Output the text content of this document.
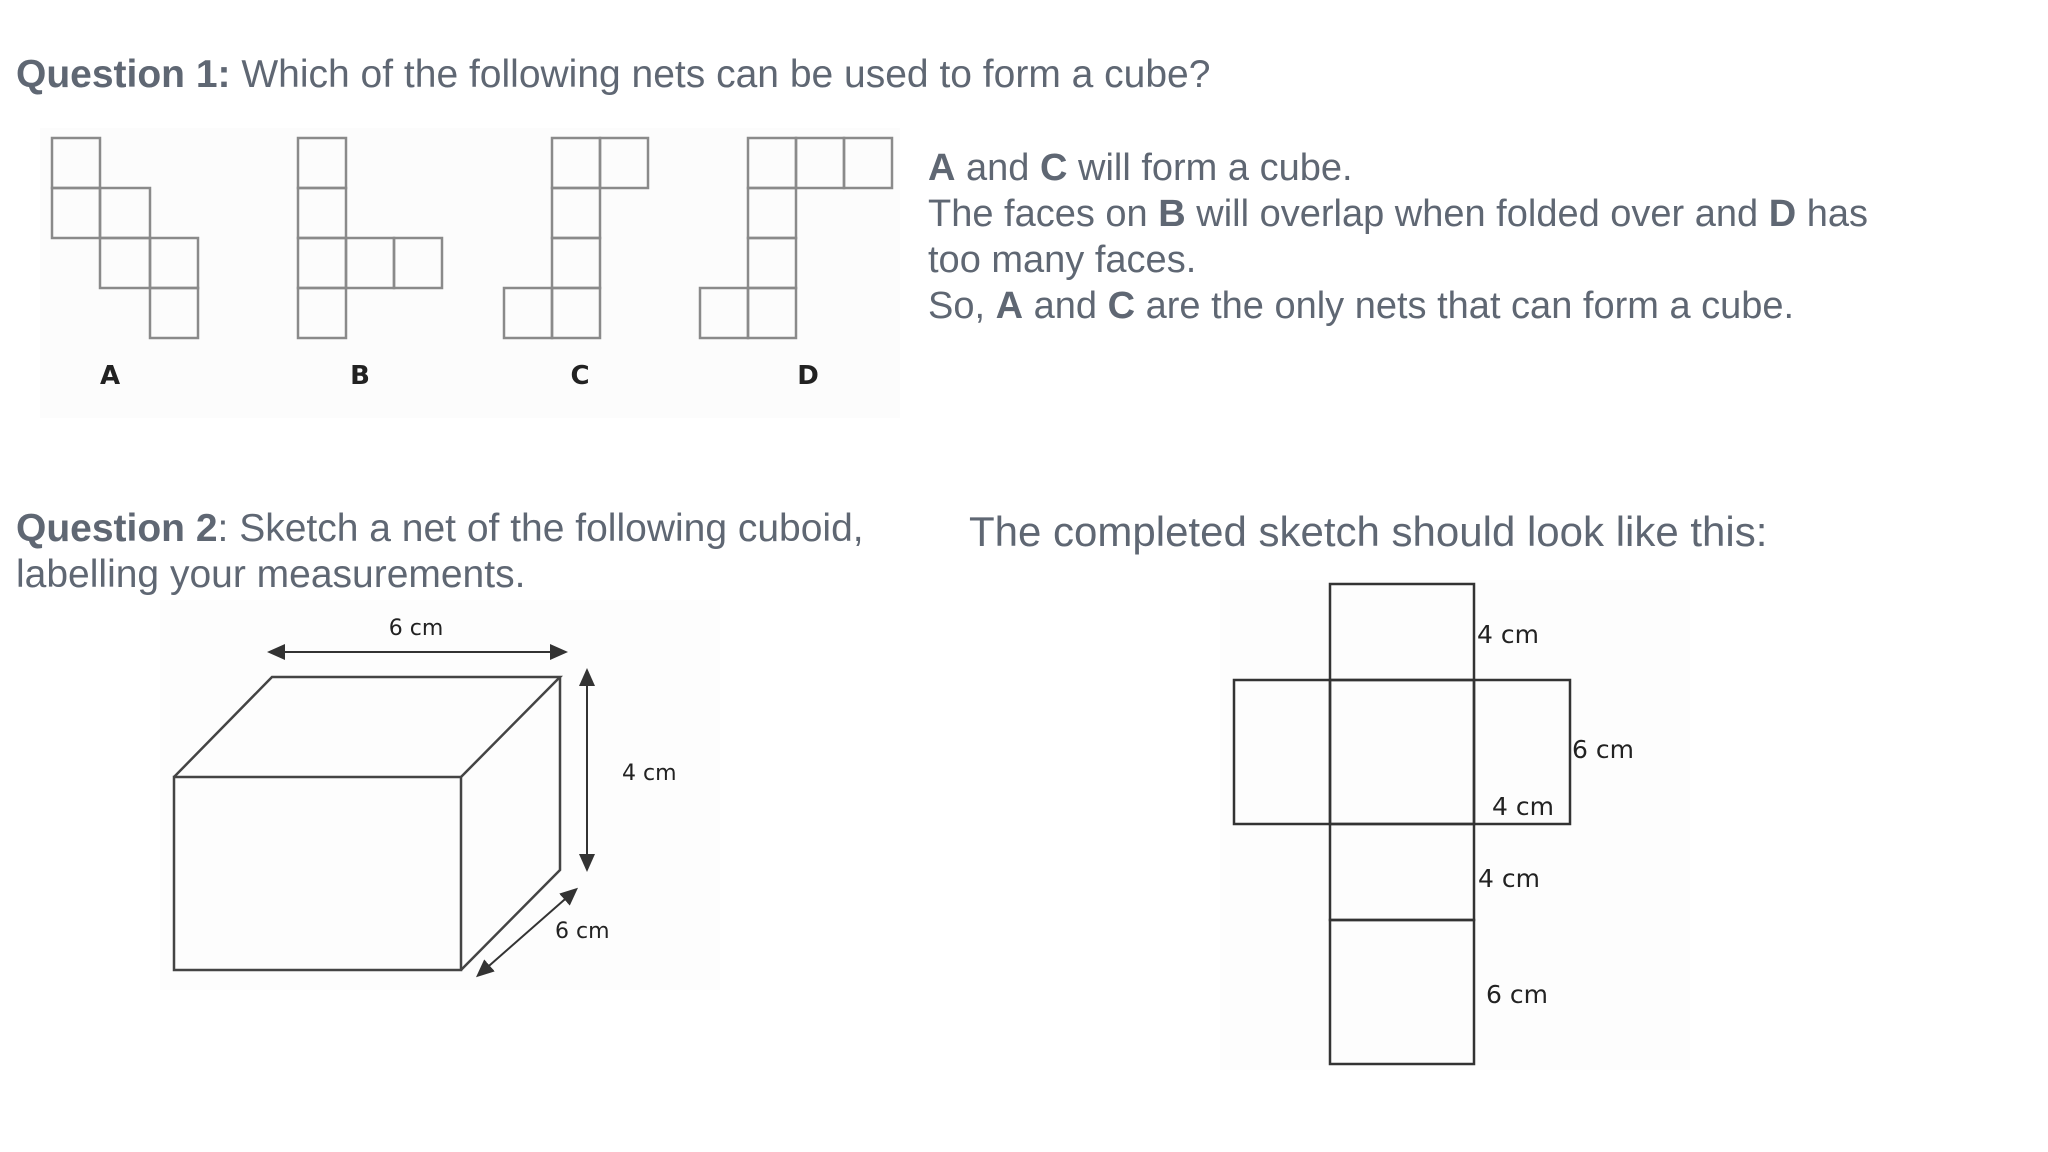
Question 1: Which of the following nets can be used to form a cube?
A	B	C	D
A and C will form a cube.
The faces on B will overlap when folded over and D has too many faces.
So, A and C are the only nets that can form a cube.
Question 2: Sketch a net of the following cuboid, labelling your measurements.
6 cm
4 cm
6 cm
The completed sketch should look like this:
4 cm
6 cm
4 cm
4 cm
6 cm
